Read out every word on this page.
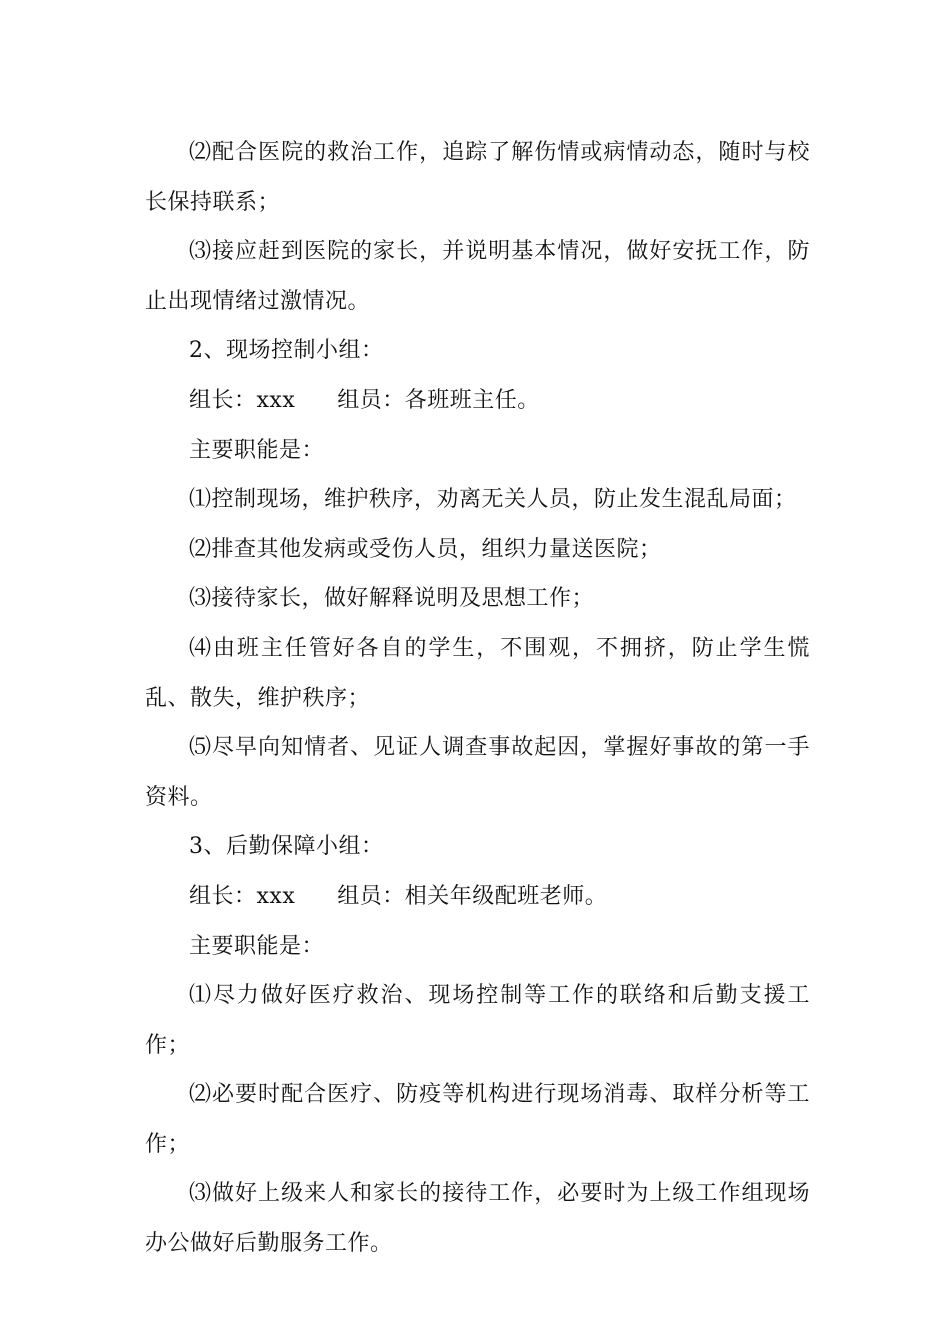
⑵配合医院的救治工作，追踪了解伤情或病情动态，随时与校长保持联系；

⑶接应赶到医院的家长，并说明基本情况，做好安抚工作，防止出现情绪过激情况。

2、现场控制小组：

组长：xxx 组员：各班班主任。

主要职能是：

⑴控制现场，维护秩序，劝离无关人员，防止发生混乱局面；

⑵排查其他发病或受伤人员，组织力量送医院；

⑶接待家长，做好解释说明及思想工作；

⑷由班主任管好各自的学生，不围观，不拥挤，防止学生慌乱、散失，维护秩序；

⑸尽早向知情者、见证人调查事故起因，掌握好事故的第一手资料。

3、后勤保障小组：

组长：xxx 组员：相关年级配班老师。

主要职能是：

⑴尽力做好医疗救治、现场控制等工作的联络和后勤支援工作；

⑵必要时配合医疗、防疫等机构进行现场消毒、取样分析等工作；

⑶做好上级来人和家长的接待工作，必要时为上级工作组现场办公做好后勤服务工作。
